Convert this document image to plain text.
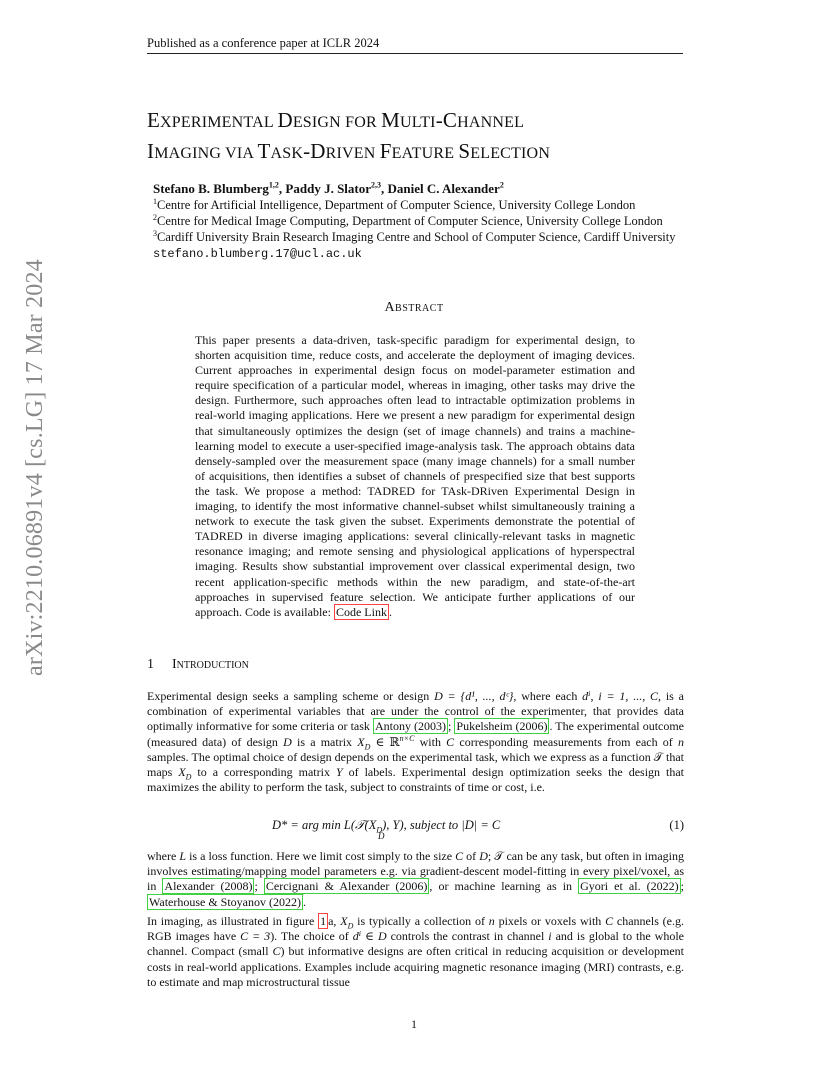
Published as a conference paper at ICLR 2024
arXiv:2210.06891v4 [cs.LG] 17 Mar 2024
EXPERIMENTAL DESIGN FOR MULTI-CHANNEL
IMAGING VIA TASK-DRIVEN FEATURE SELECTION
Stefano B. Blumberg$^{1,2}$, Paddy J. Slator$^{2,3}$, Daniel C. Alexander$^2$
$^1$Centre for Artificial Intelligence, Department of Computer Science, University College London
$^2$Centre for Medical Image Computing, Department of Computer Science, University College London
$^3$Cardiff University Brain Research Imaging Centre and School of Computer Science, Cardiff University
stefano.blumberg.17@ucl.ac.uk
Abstract
This paper presents a data-driven, task-specific paradigm for experimental design, to shorten acquisition time, reduce costs, and accelerate the deployment of imaging devices. Current approaches in experimental design focus on model-parameter estimation and require specification of a particular model, whereas in imaging, other tasks may drive the design. Furthermore, such approaches often lead to intractable optimization problems in real-world imaging applications. Here we present a new paradigm for experimental design that simultaneously optimizes the design (set of image channels) and trains a machine-learning model to execute a user-specified image-analysis task. The approach obtains data densely-sampled over the measurement space (many image channels) for a small number of acquisitions, then identifies a subset of channels of prespecified size that best supports the task. We propose a method: TADRED for TAsk-DRiven Experimental Design in imaging, to identify the most informative channel-subset whilst simultaneously training a network to execute the task given the subset. Experiments demonstrate the potential of TADRED in diverse imaging applications: several clinically-relevant tasks in magnetic resonance imaging; and remote sensing and physiological applications of hyperspectral imaging. Results show substantial improvement over classical experimental design, two recent application-specific methods within the new paradigm, and state-of-the-art approaches in supervised feature selection. We anticipate further applications of our approach. Code is available: Code Link .
1 Introduction
Experimental design seeks a sampling scheme or design D = {d¹, ..., dᶜ}, where each dⁱ, i = 1, ..., C, is a combination of experimental variables that are under the control of the experimenter, that provides data optimally informative for some criteria or task Antony (2003) ; Pukelsheim (2006) . The experimental outcome (measured data) of design D is a matrix $X_D$ ∈ ℝ$^{n\times C}$ with C corresponding measurements from each of n samples. The optimal choice of design depends on the experimental task, which we express as a function 𝒯 that maps $X_D$ to a corresponding matrix Y of labels. Experimental design optimization seeks the design that maximizes the ability to perform the task, subject to constraints of time or cost, i.e.
D* = arg $\min L(𝒯(X_D)$, Y), subject to |D| = C
D
(1)
where L is a loss function. Here we limit cost simply to the size C of D; 𝒯 can be any task, but often in imaging involves estimating/mapping model parameters e.g. via gradient-descent model-fitting in every pixel/voxel, as in Alexander (2008) ; Cercignani & Alexander (2006) , or machine learning as in Gyori et al. (2022) ; Waterhouse & Stoyanov (2022) .
In imaging, as illustrated in figure 1 a, $X_D$ is typically a collection of n pixels or voxels with C channels (e.g. RGB images have C = 3). The choice of dⁱ ∈ D controls the contrast in channel i and is global to the whole channel. Compact (small C) but informative designs are often critical in reducing acquisition or development costs in real-world applications. Examples include acquiring magnetic resonance imaging (MRI) contrasts, e.g. to estimate and map microstructural tissue
1
